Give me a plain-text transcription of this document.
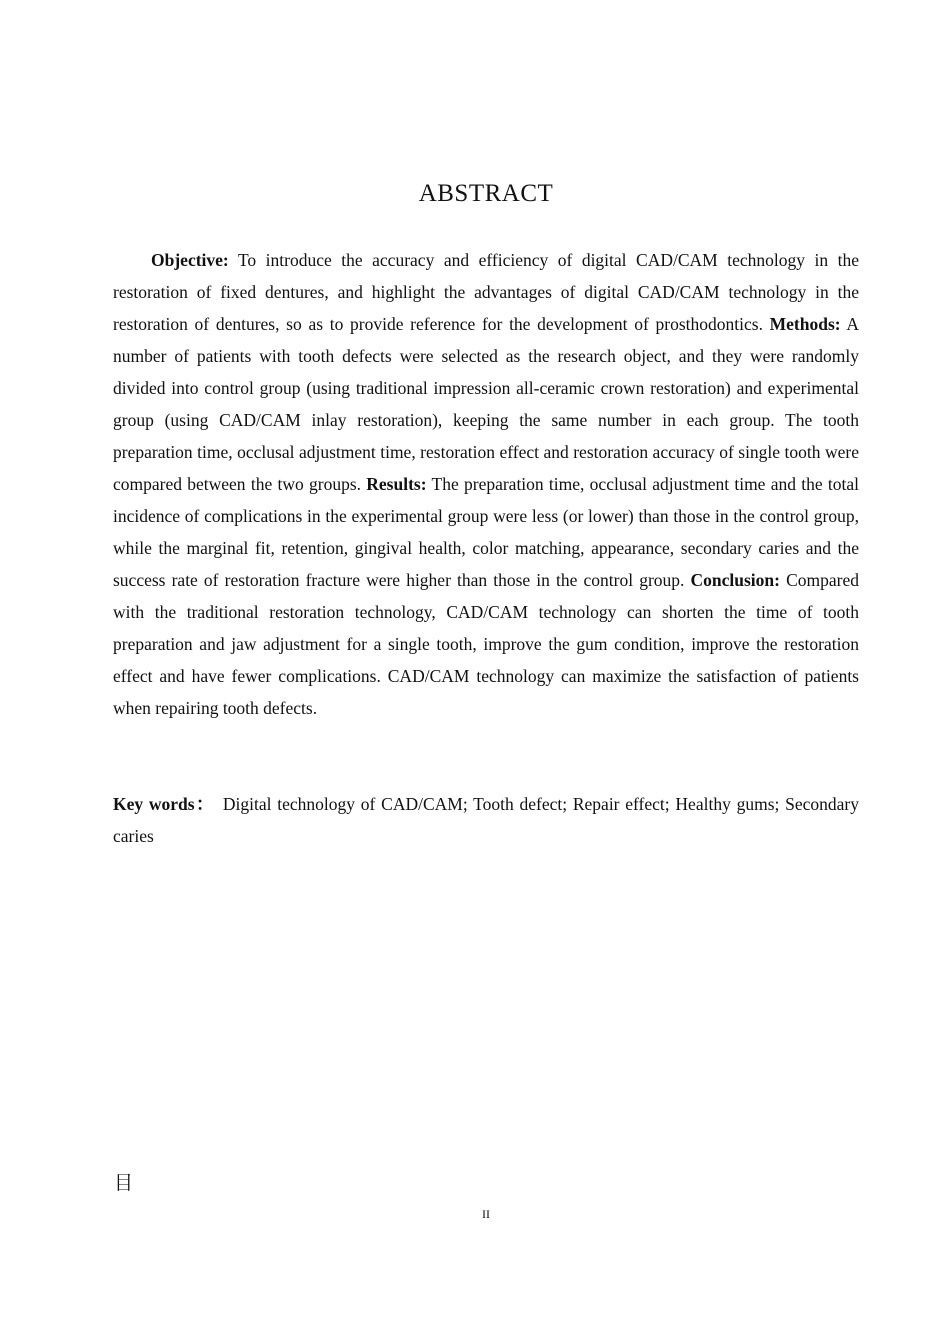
ABSTRACT

Objective: To introduce the accuracy and efficiency of digital CAD/CAM technology in the restoration of fixed dentures, and highlight the advantages of digital CAD/CAM technology in the restoration of dentures, so as to provide reference for the development of prosthodontics. Methods: A number of patients with tooth defects were selected as the research object, and they were randomly divided into control group (using traditional impression all-ceramic crown restoration) and experimental group (using CAD/CAM inlay restoration), keeping the same number in each group. The tooth preparation time, occlusal adjustment time, restoration effect and restoration accuracy of single tooth were compared between the two groups. Results: The preparation time, occlusal adjustment time and the total incidence of complications in the experimental group were less (or lower) than those in the control group, while the marginal fit, retention, gingival health, color matching, appearance, secondary caries and the success rate of restoration fracture were higher than those in the control group. Conclusion: Compared with the traditional restoration technology, CAD/CAM technology can shorten the time of tooth preparation and jaw adjustment for a single tooth, improve the gum condition, improve the restoration effect and have fewer complications. CAD/CAM technology can maximize the satisfaction of patients when repairing tooth defects.

Key words： Digital technology of CAD/CAM; Tooth defect; Repair effect; Healthy gums; Secondary caries

目
II
